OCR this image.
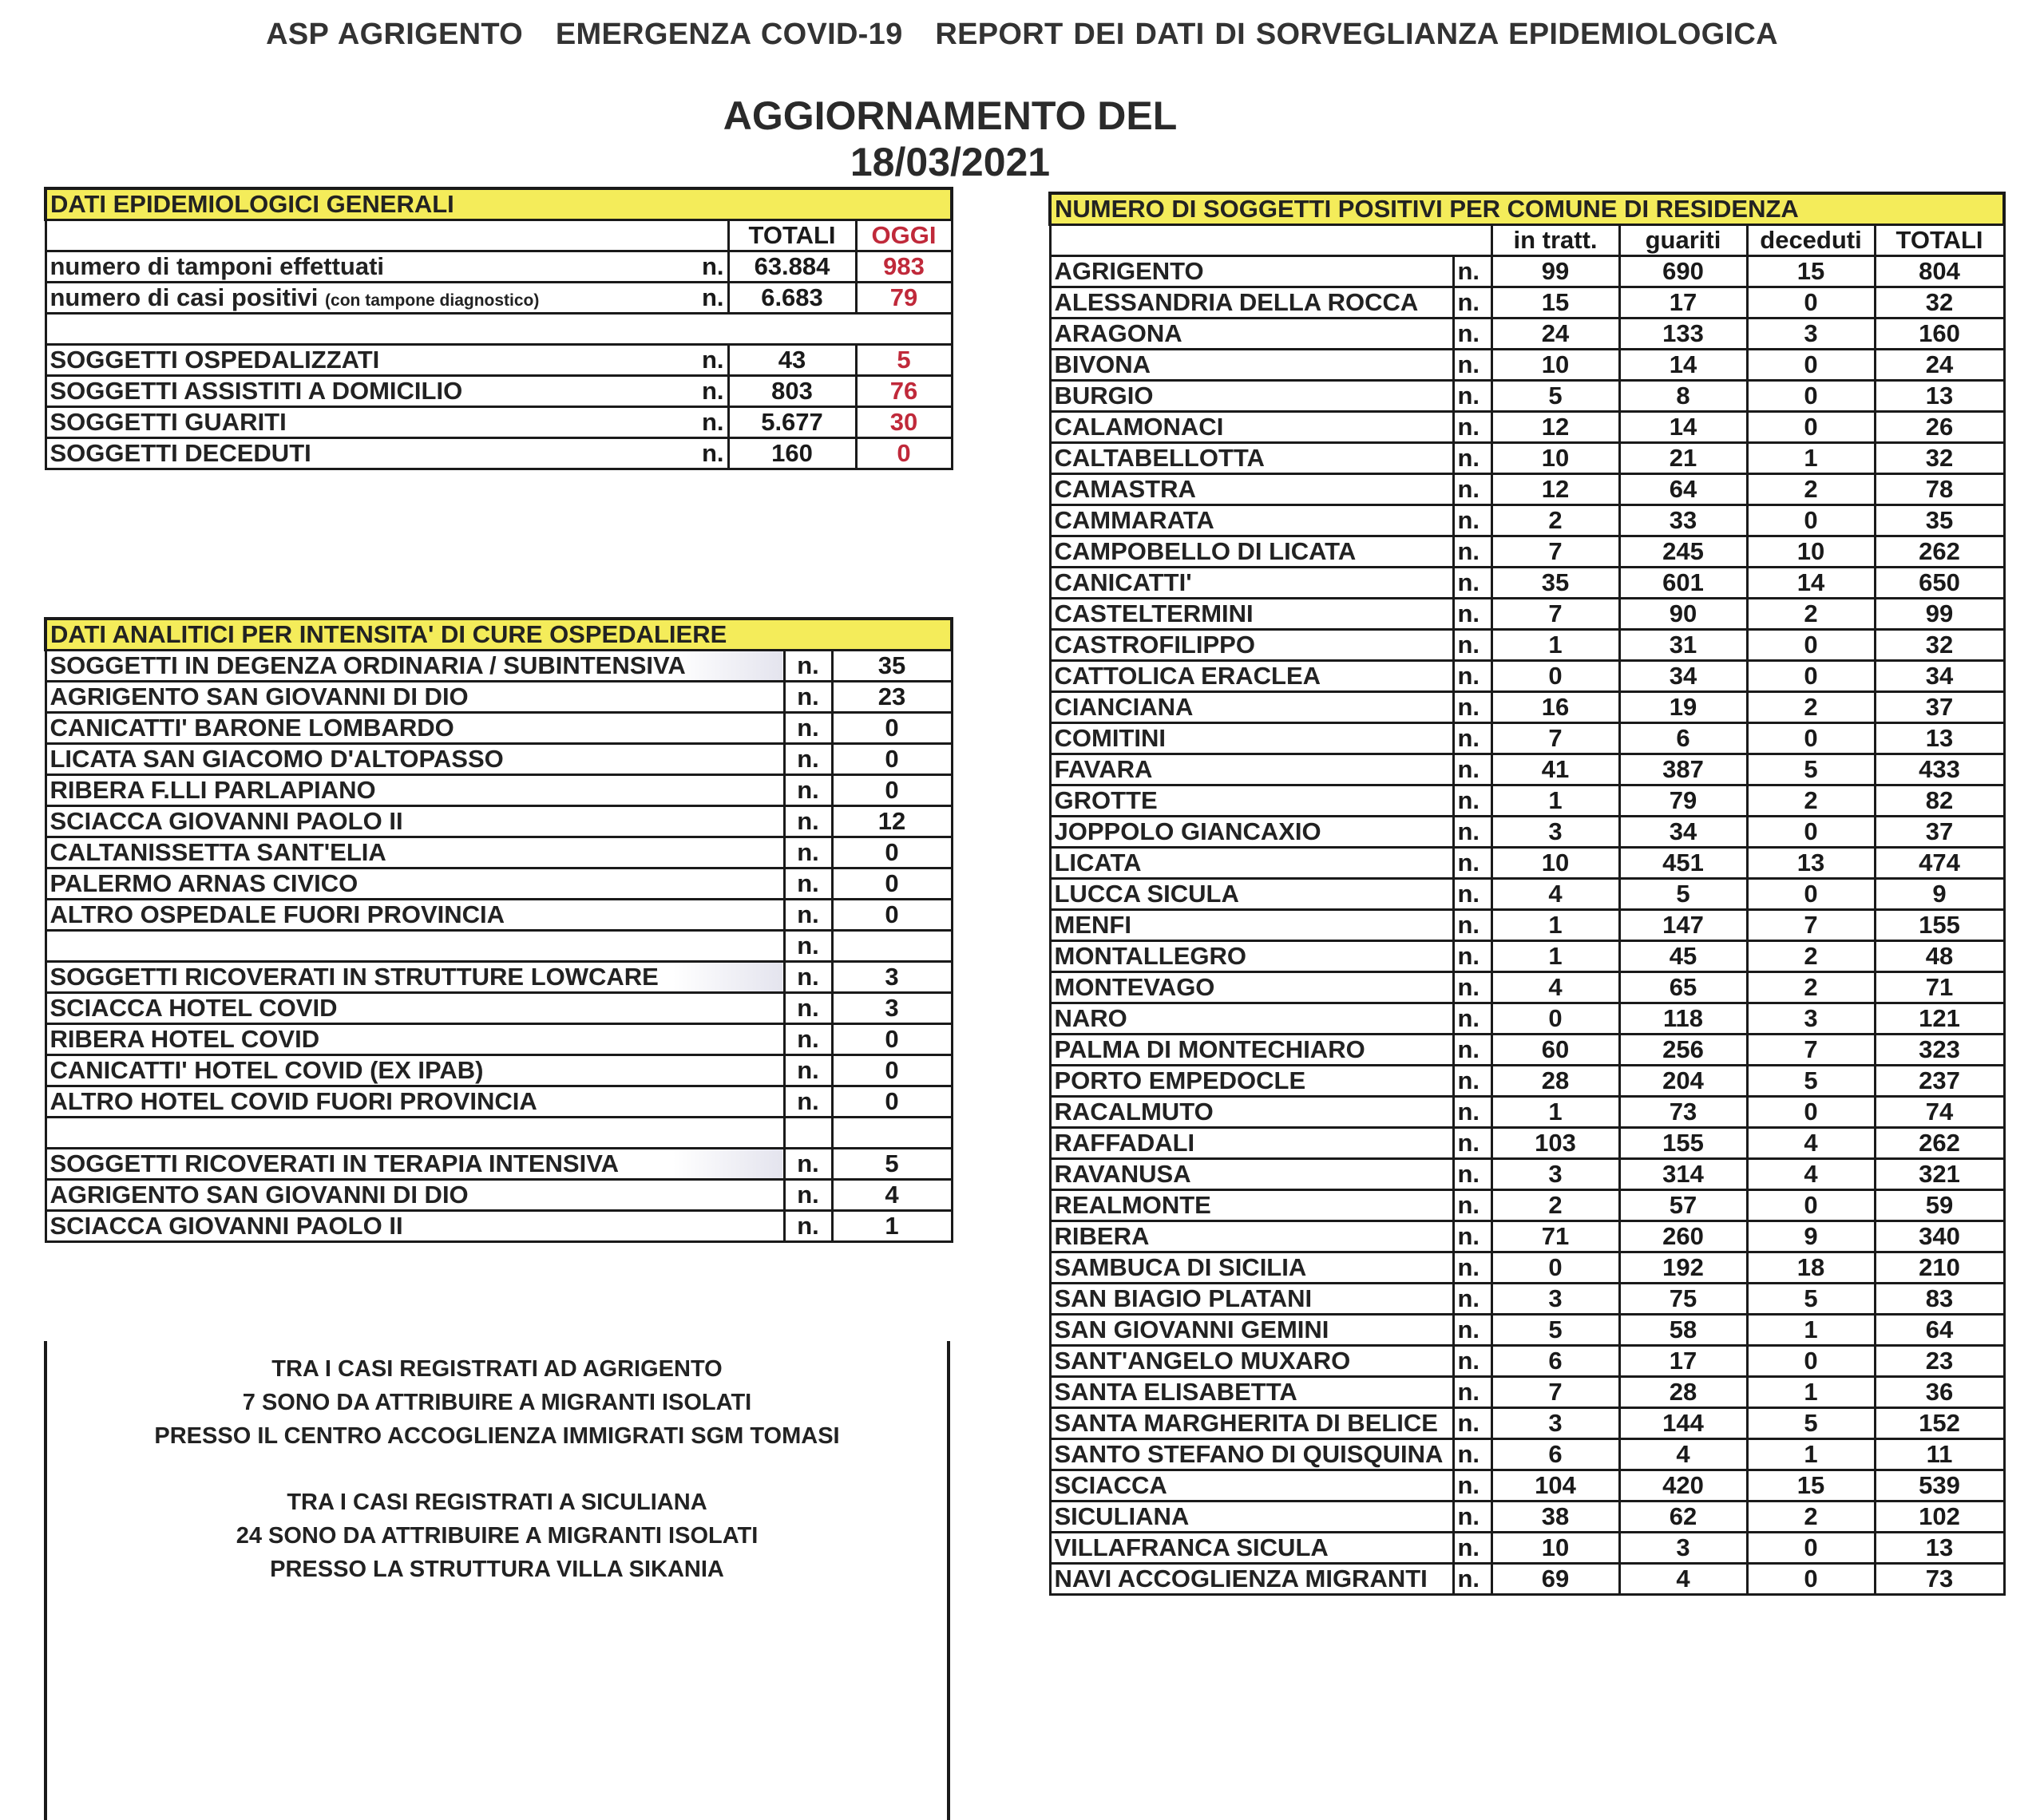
ASP AGRIGENTO EMERGENZA COVID-19 REPORT DEI DATI DI SORVEGLIANZA EPIDEMIOLOGICA
AGGIORNAMENTO DEL 18/03/2021
DATI EPIDEMIOLOGICI GENERALI			
		TOTALI	OGGI
numero di tamponi effettuati	n.	63.884	983
numero di casi positivi (con tampone diagnostico)	n.	6.683	79

SOGGETTI OSPEDALIZZATI	n.	43	5
SOGGETTI ASSISTITI A DOMICILIO	n.	803	76
SOGGETTI GUARITI	n.	5.677	30
SOGGETTI DECEDUTI	n.	160	0
DATI ANALITICI PER INTENSITA' DI CURE OSPEDALIERE		
SOGGETTI IN DEGENZA ORDINARIA / SUBINTENSIVA	n.	35
AGRIGENTO SAN GIOVANNI DI DIO	n.	23
CANICATTI' BARONE LOMBARDO	n.	0
LICATA SAN GIACOMO D'ALTOPASSO	n.	0
RIBERA F.LLI PARLAPIANO	n.	0
SCIACCA GIOVANNI PAOLO II	n.	12
CALTANISSETTA SANT'ELIA	n.	0
PALERMO ARNAS CIVICO	n.	0
ALTRO OSPEDALE FUORI PROVINCIA	n.	0
	n.	
SOGGETTI RICOVERATI IN STRUTTURE LOWCARE	n.	3
SCIACCA HOTEL COVID	n.	3
RIBERA HOTEL COVID	n.	0
CANICATTI' HOTEL COVID (EX IPAB)	n.	0
ALTRO HOTEL COVID FUORI PROVINCIA	n.	0

SOGGETTI RICOVERATI IN TERAPIA INTENSIVA	n.	5
AGRIGENTO SAN GIOVANNI DI DIO	n.	4
SCIACCA GIOVANNI PAOLO II	n.	1
TRA I CASI REGISTRATI AD AGRIGENTO
7 SONO DA ATTRIBUIRE A MIGRANTI ISOLATI
PRESSO IL CENTRO ACCOGLIENZA IMMIGRATI SGM TOMASI
TRA I CASI REGISTRATI A SICULIANA
24 SONO DA ATTRIBUIRE A MIGRANTI ISOLATI
PRESSO LA STRUTTURA VILLA SIKANIA
NUMERO DI SOGGETTI POSITIVI PER COMUNE DI RESIDENZA					
		in tratt.	guariti	deceduti	TOTALI
AGRIGENTO	n.	99	690	15	804
ALESSANDRIA DELLA ROCCA	n.	15	17	0	32
ARAGONA	n.	24	133	3	160
BIVONA	n.	10	14	0	24
BURGIO	n.	5	8	0	13
CALAMONACI	n.	12	14	0	26
CALTABELLOTTA	n.	10	21	1	32
CAMASTRA	n.	12	64	2	78
CAMMARATA	n.	2	33	0	35
CAMPOBELLO DI LICATA	n.	7	245	10	262
CANICATTI'	n.	35	601	14	650
CASTELTERMINI	n.	7	90	2	99
CASTROFILIPPO	n.	1	31	0	32
CATTOLICA ERACLEA	n.	0	34	0	34
CIANCIANA	n.	16	19	2	37
COMITINI	n.	7	6	0	13
FAVARA	n.	41	387	5	433
GROTTE	n.	1	79	2	82
JOPPOLO GIANCAXIO	n.	3	34	0	37
LICATA	n.	10	451	13	474
LUCCA SICULA	n.	4	5	0	9
MENFI	n.	1	147	7	155
MONTALLEGRO	n.	1	45	2	48
MONTEVAGO	n.	4	65	2	71
NARO	n.	0	118	3	121
PALMA DI MONTECHIARO	n.	60	256	7	323
PORTO EMPEDOCLE	n.	28	204	5	237
RACALMUTO	n.	1	73	0	74
RAFFADALI	n.	103	155	4	262
RAVANUSA	n.	3	314	4	321
REALMONTE	n.	2	57	0	59
RIBERA	n.	71	260	9	340
SAMBUCA DI SICILIA	n.	0	192	18	210
SAN BIAGIO PLATANI	n.	3	75	5	83
SAN GIOVANNI GEMINI	n.	5	58	1	64
SANT'ANGELO MUXARO	n.	6	17	0	23
SANTA ELISABETTA	n.	7	28	1	36
SANTA MARGHERITA DI BELICE	n.	3	144	5	152
SANTO STEFANO DI QUISQUINA	n.	6	4	1	11
SCIACCA	n.	104	420	15	539
SICULIANA	n.	38	62	2	102
VILLAFRANCA SICULA	n.	10	3	0	13
NAVI ACCOGLIENZA MIGRANTI	n.	69	4	0	73
